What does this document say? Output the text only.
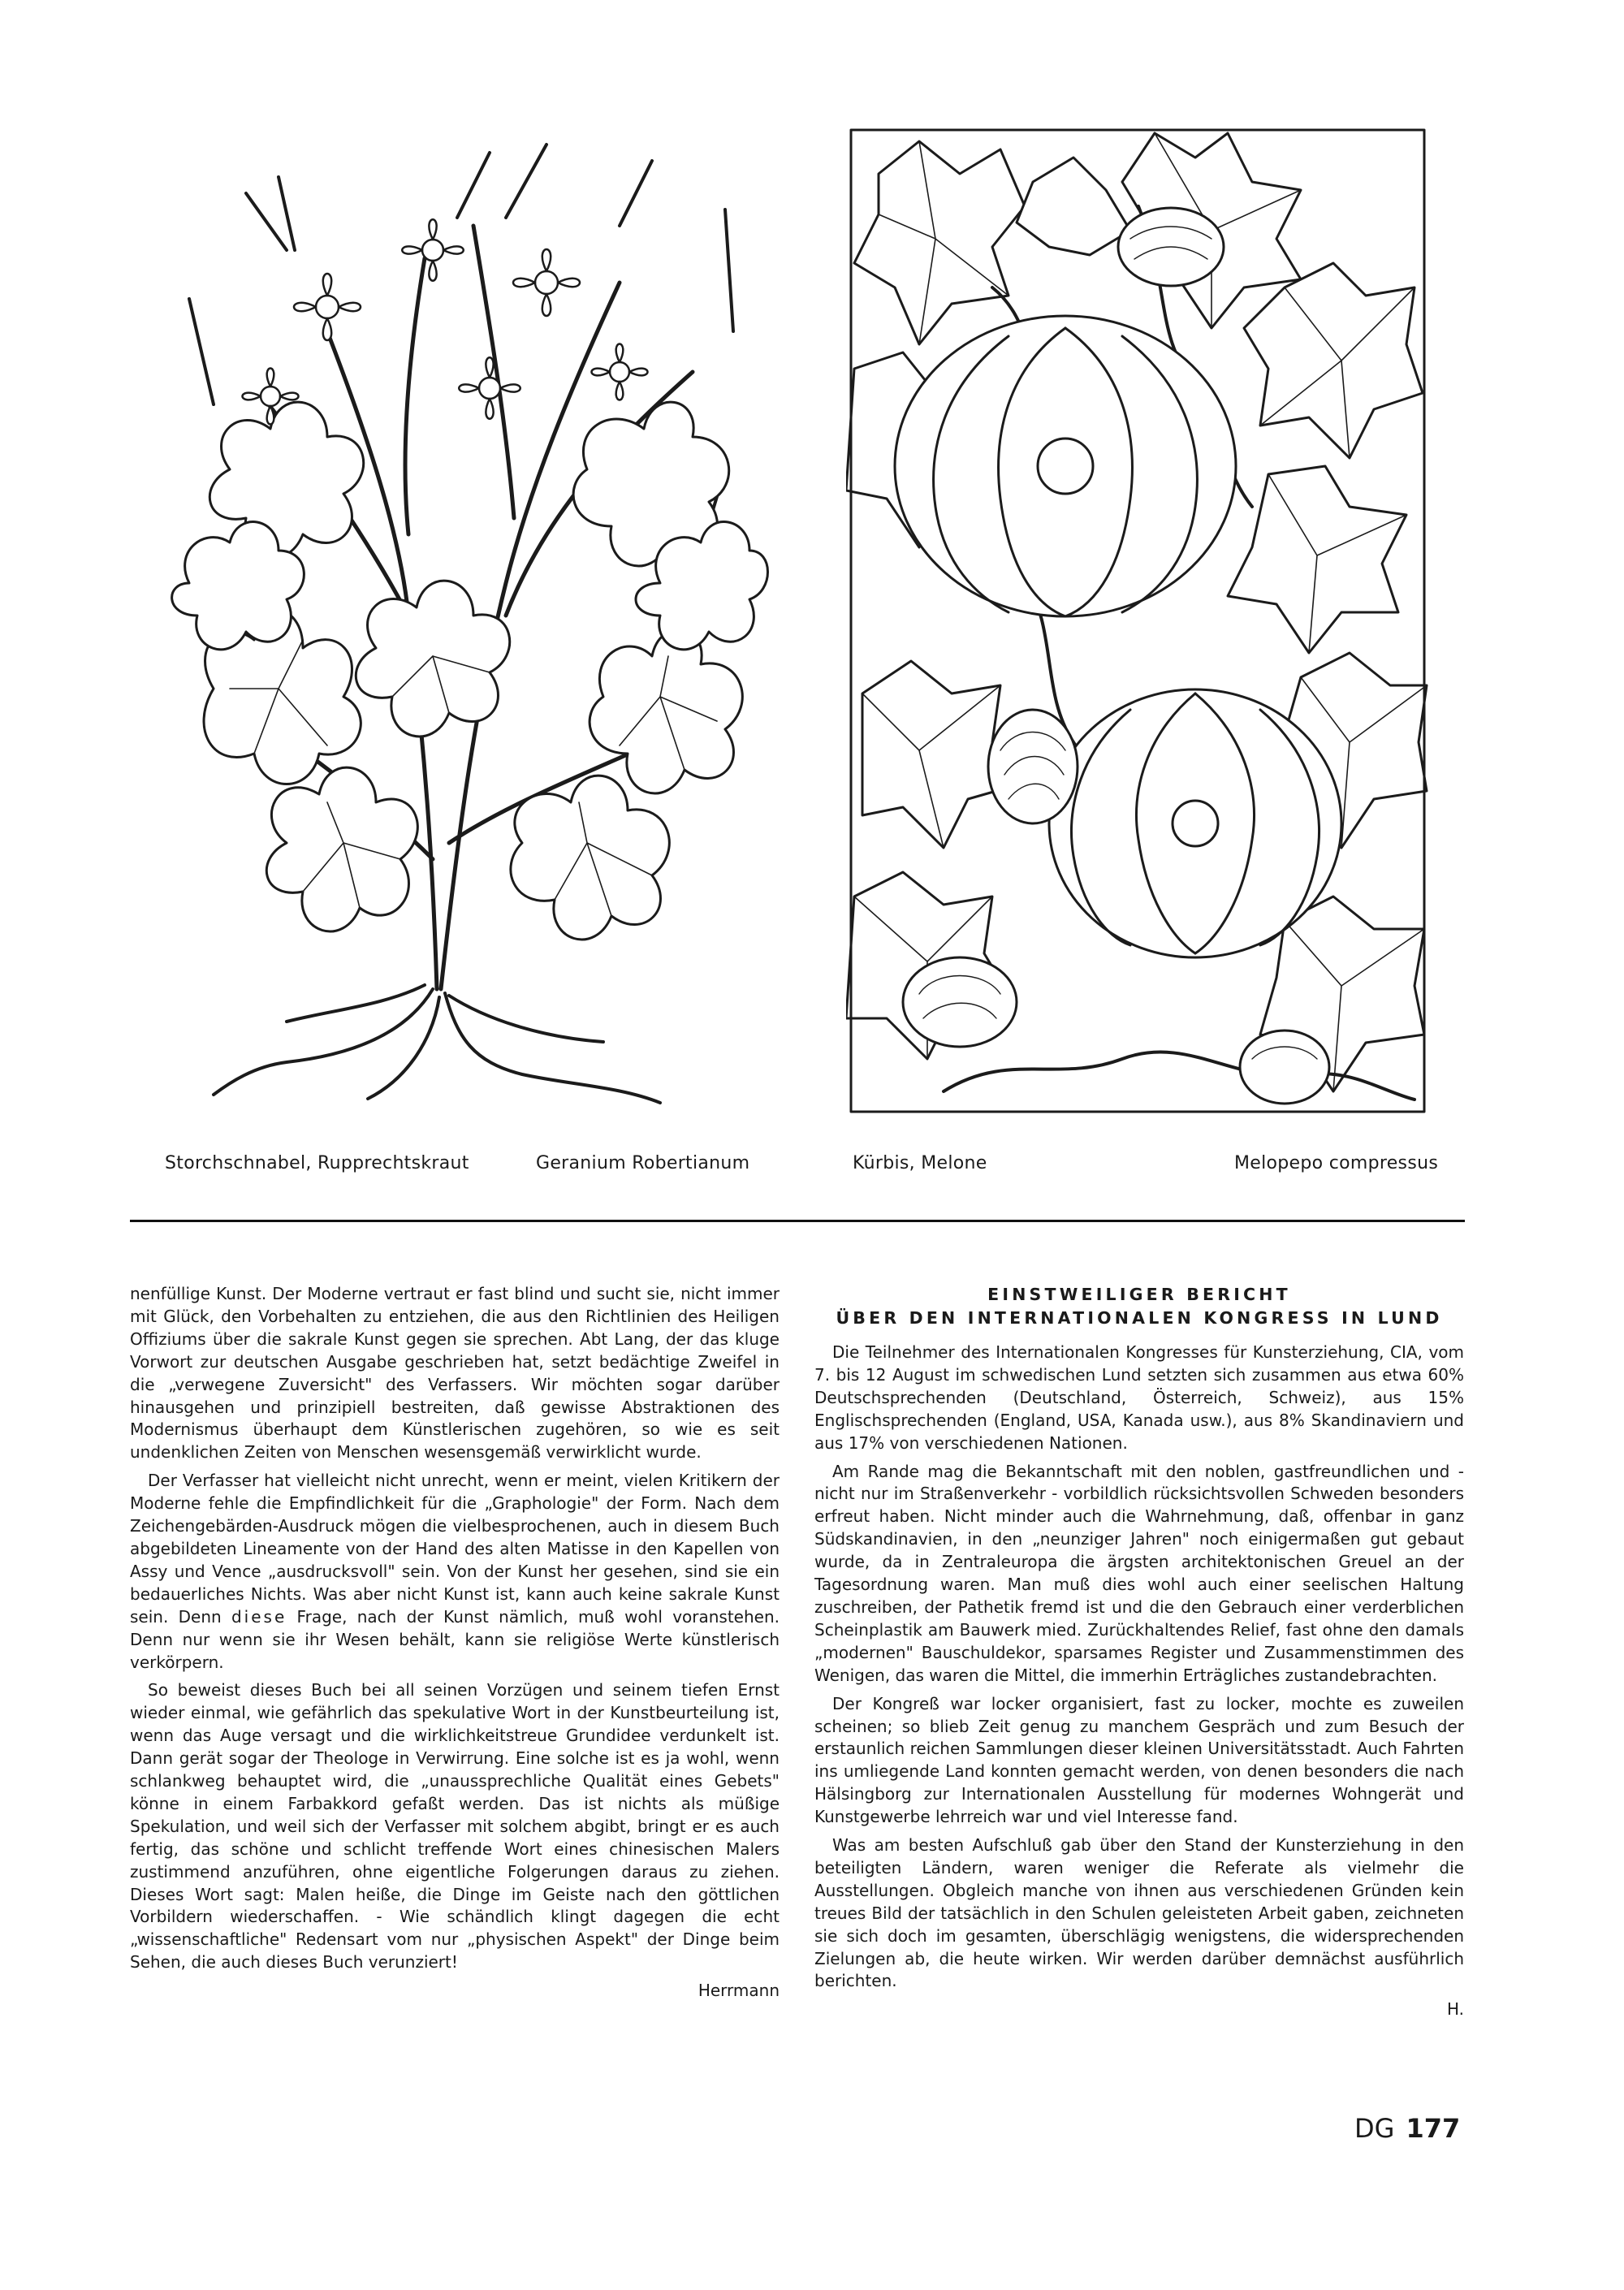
Storchschnabel, Rupprechtskraut	Geranium Robertianum	Kürbis, Melone	Melopepo compressus

nenfüllige Kunst. Der Moderne vertraut er fast blind und sucht sie, nicht immer mit Glück, den Vorbehalten zu entziehen, die aus den Richtlinien des Heiligen Offiziums über die sakrale Kunst gegen sie sprechen. Abt Lang, der das kluge Vorwort zur deutschen Ausgabe geschrieben hat, setzt bedächtige Zweifel in die „verwegene Zuversicht" des Verfassers. Wir möchten sogar darüber hinausgehen und prinzipiell bestreiten, daß gewisse Abstraktionen des Modernismus überhaupt dem Künstlerischen zugehören, so wie es seit undenklichen Zeiten von Menschen wesensgemäß verwirklicht wurde.

Der Verfasser hat vielleicht nicht unrecht, wenn er meint, vielen Kritikern der Moderne fehle die Empfindlichkeit für die „Graphologie" der Form. Nach dem Zeichengebärden-Ausdruck mögen die vielbesprochenen, auch in diesem Buch abgebildeten Lineamente von der Hand des alten Matisse in den Kapellen von Assy und Vence „ausdrucksvoll" sein. Von der Kunst her gesehen, sind sie ein bedauerliches Nichts. Was aber nicht Kunst ist, kann auch keine sakrale Kunst sein. Denn diese Frage, nach der Kunst nämlich, muß wohl voranstehen. Denn nur wenn sie ihr Wesen behält, kann sie religiöse Werte künstlerisch verkörpern.

So beweist dieses Buch bei all seinen Vorzügen und seinem tiefen Ernst wieder einmal, wie gefährlich das spekulative Wort in der Kunstbeurteilung ist, wenn das Auge versagt und die wirklichkeitstreue Grundidee verdunkelt ist. Dann gerät sogar der Theologe in Verwirrung. Eine solche ist es ja wohl, wenn schlankweg behauptet wird, die „unaussprechliche Qualität eines Gebets" könne in einem Farbakkord gefaßt werden. Das ist nichts als müßige Spekulation, und weil sich der Verfasser mit solchem abgibt, bringt er es auch fertig, das schöne und schlicht treffende Wort eines chinesischen Malers zustimmend anzuführen, ohne eigentliche Folgerungen daraus zu ziehen. Dieses Wort sagt: Malen heiße, die Dinge im Geiste nach den göttlichen Vorbildern wiederschaffen. - Wie schändlich klingt dagegen die echt „wissenschaftliche" Redensart vom nur „physischen Aspekt" der Dinge beim Sehen, die auch dieses Buch verunziert!

Herrmann
EINSTWEILIGER BERICHT
ÜBER DEN INTERNATIONALEN KONGRESS IN LUND

Die Teilnehmer des Internationalen Kongresses für Kunsterziehung, CIA, vom 7. bis 12 August im schwedischen Lund setzten sich zusammen aus etwa 60% Deutschsprechenden (Deutschland, Österreich, Schweiz), aus 15% Englischsprechenden (England, USA, Kanada usw.), aus 8% Skandinaviern und aus 17% von verschiedenen Nationen.

Am Rande mag die Bekanntschaft mit den noblen, gastfreundlichen und -nicht nur im Straßenverkehr - vorbildlich rücksichtsvollen Schweden besonders erfreut haben. Nicht minder auch die Wahrnehmung, daß, offenbar in ganz Südskandinavien, in den „neunziger Jahren" noch einigermaßen gut gebaut wurde, da in Zentraleuropa die ärgsten architektonischen Greuel an der Tagesordnung waren. Man muß dies wohl auch einer seelischen Haltung zuschreiben, der Pathetik fremd ist und die den Gebrauch einer verderblichen Scheinplastik am Bauwerk mied. Zurückhaltendes Relief, fast ohne den damals „modernen" Bauschuldekor, sparsames Register und Zusammenstimmen des Wenigen, das waren die Mittel, die immerhin Erträgliches zustandebrachten.

Der Kongreß war locker organisiert, fast zu locker, mochte es zuweilen scheinen; so blieb Zeit genug zu manchem Gespräch und zum Besuch der erstaunlich reichen Sammlungen dieser kleinen Universitätsstadt. Auch Fahrten ins umliegende Land konnten gemacht werden, von denen besonders die nach Hälsingborg zur Internationalen Ausstellung für modernes Wohngerät und Kunstgewerbe lehrreich war und viel Interesse fand.

Was am besten Aufschluß gab über den Stand der Kunsterziehung in den beteiligten Ländern, waren weniger die Referate als vielmehr die Ausstellungen. Obgleich manche von ihnen aus verschiedenen Gründen kein treues Bild der tatsächlich in den Schulen geleisteten Arbeit gaben, zeichneten sie sich doch im gesamten, überschlägig wenigstens, die widersprechenden Zielungen ab, die heute wirken. Wir werden darüber demnächst ausführlich berichten.

H.
DG 177
